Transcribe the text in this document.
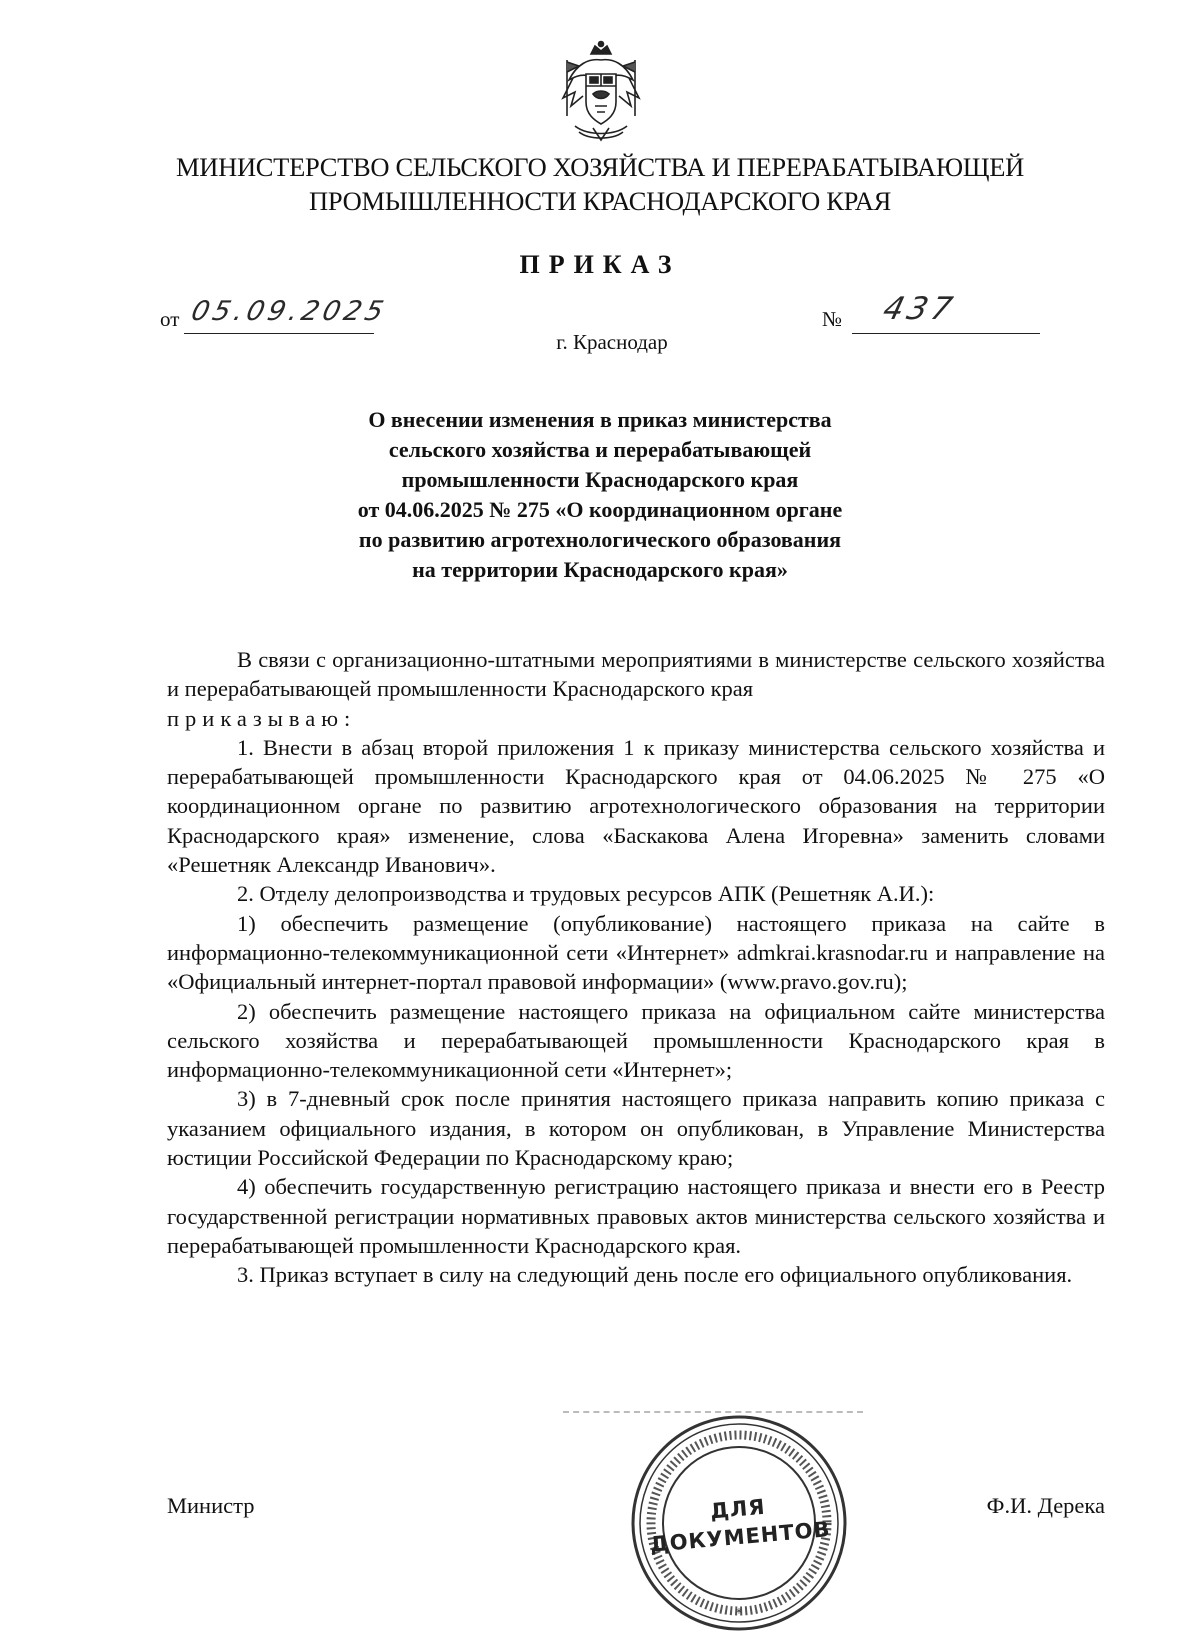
МИНИСТЕРСТВО СЕЛЬСКОГО ХОЗЯЙСТВА И ПЕРЕРАБАТЫВАЮЩЕЙ
ПРОМЫШЛЕННОСТИ КРАСНОДАРСКОГО КРАЯ
ПРИКАЗ
от 05.09.2025	№ 437
г. Краснодар
О внесении изменения в приказ министерства
сельского хозяйства и перерабатывающей
промышленности Краснодарского края
от 04.06.2025 № 275 «О координационном органе
по развитию агротехнологического образования
на территории Краснодарского края»

В связи с организационно-штатными мероприятиями в министерстве сельского хозяйства и перерабатывающей промышленности Краснодарского края
приказываю:

1. Внести в абзац второй приложения 1 к приказу министерства сельского хозяйства и перерабатывающей промышленности Краснодарского края от 04.06.2025 № 275 «О координационном органе по развитию агротехнологического образования на территории Краснодарского края» изменение, слова «Баскакова Алена Игоревна» заменить словами «Решетняк Александр Иванович».

2. Отделу делопроизводства и трудовых ресурсов АПК (Решетняк А.И.):

1) обеспечить размещение (опубликование) настоящего приказа на сайте в информационно-телекоммуникационной сети «Интернет» admkrai.krasnodar.ru и направление на «Официальный интернет-портал правовой информации» (www.pravo.gov.ru);

2) обеспечить размещение настоящего приказа на официальном сайте министерства сельского хозяйства и перерабатывающей промышленности Краснодарского края в информационно-телекоммуникационной сети «Интернет»;

3) в 7-дневный срок после принятия настоящего приказа направить копию приказа с указанием официального издания, в котором он опубликован, в Управление Министерства юстиции Российской Федерации по Краснодарскому краю;

4) обеспечить государственную регистрацию настоящего приказа и внести его в Реестр государственной регистрации нормативных правовых актов министерства сельского хозяйства и перерабатывающей промышленности Краснодарского края.

3. Приказ вступает в силу на следующий день после его официального опубликования.

Министр	Ф.И. Дерека
*
ДЛЯ
ДОКУМЕНТОВ
